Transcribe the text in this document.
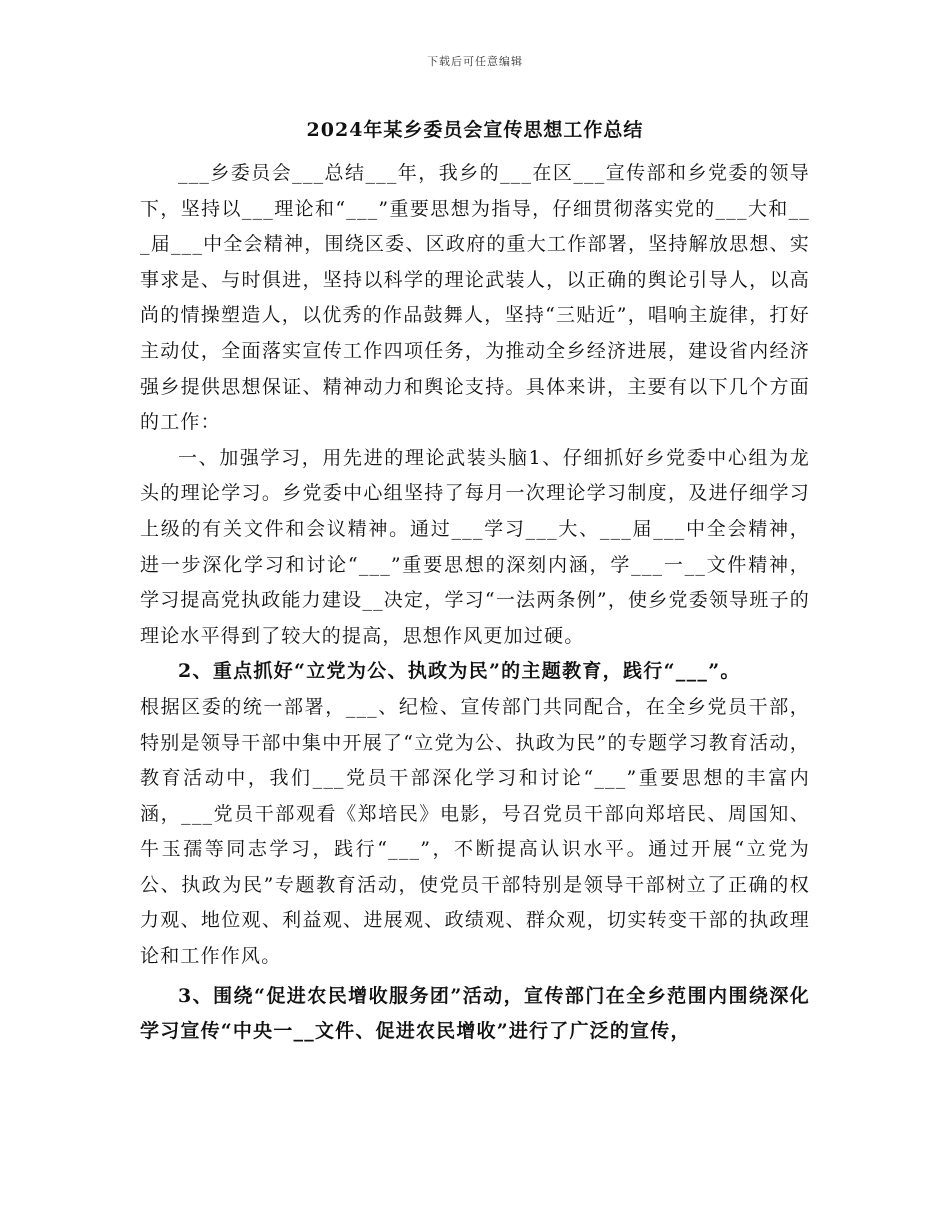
下载后可任意编辑
2024年某乡委员会宣传思想工作总结

___乡委员会___总结___年，我乡的___在区___宣传部和乡党委的领导下，坚持以___理论和“___”重要思想为指导，仔细贯彻落实党的___大和___届___中全会精神，围绕区委、区政府的重大工作部署，坚持解放思想、实事求是、与时俱进，坚持以科学的理论武装人，以正确的舆论引导人，以高尚的情操塑造人，以优秀的作品鼓舞人，坚持“三贴近”，唱响主旋律，打好主动仗，全面落实宣传工作四项任务，为推动全乡经济进展，建设省内经济强乡提供思想保证、精神动力和舆论支持。具体来讲，主要有以下几个方面的工作：

一、加强学习，用先进的理论武装头脑1、仔细抓好乡党委中心组为龙头的理论学习。乡党委中心组坚持了每月一次理论学习制度，及进仔细学习上级的有关文件和会议精神。通过___学习___大、___届___中全会精神，进一步深化学习和讨论“___”重要思想的深刻内涵，学___一__文件精神，学习提高党执政能力建设__决定，学习“一法两条例”，使乡党委领导班子的理论水平得到了较大的提高，思想作风更加过硬。

2、重点抓好“立党为公、执政为民”的主题教育，践行“___”。

根据区委的统一部署，___、纪检、宣传部门共同配合，在全乡党员干部，特别是领导干部中集中开展了“立党为公、执政为民”的专题学习教育活动，教育活动中，我们___党员干部深化学习和讨论“___”重要思想的丰富内涵，___党员干部观看《郑培民》电影，号召党员干部向郑培民、周国知、牛玉孺等同志学习，践行“___”，不断提高认识水平。通过开展“立党为公、执政为民”专题教育活动，使党员干部特别是领导干部树立了正确的权力观、地位观、利益观、进展观、政绩观、群众观，切实转变干部的执政理论和工作作风。

3、围绕“促进农民增收服务团”活动，宣传部门在全乡范围内围绕深化学习宣传“中央一__文件、促进农民增收”进行了广泛的宣传，
